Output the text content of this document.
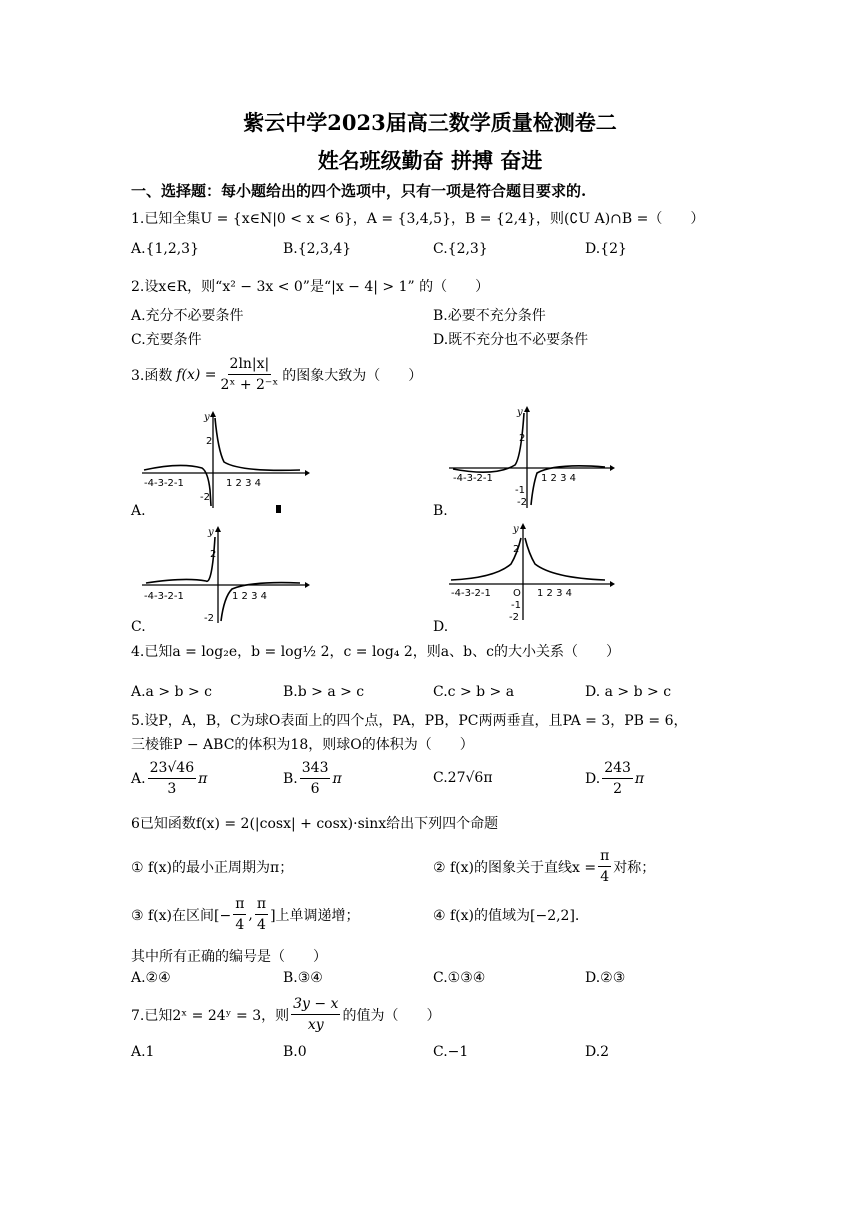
紫云中学2023届高三数学质量检测卷二
姓名班级勤奋 拼搏 奋进
一、选择题：每小题给出的四个选项中，只有一项是符合题目要求的.
1.已知全集U = {x∈N|0 < x < 6}，A = {3,4,5}，B = {2,4}，则(∁U A)∩B =（　　）
A.{1,2,3}	B.{2,3,4}	C.{2,3}	D.{2}
2.设x∈R，则“x² − 3x < 0”是“|x − 4| > 1” 的（　　）
A.充分不必要条件	B.必要不充分条件
C.充要条件	D.既不充分也不必要条件
3.函数 $f(x) = \frac{2\ln|x|}{\text{2ˣ + 2⁻ˣ}}$ 的图象大致为（　　）
-4-3-2-1	1 2 3 4
2
-2
y
A.
-4-3-2-1	1 2 3 4
2
-1
-2
y
B.
-4-3-2-1	1 2 3 4
2
-2
y
C.
-4-3-2-1	1 2 3 4
2
O
-1
-2
y
D.
4.已知a = log₂e，b = log½ 2，c = log₄ 2，则a、b、c的大小关系（　　）
A.a > b > c	B.b > a > c	C.c > b > a	D. a > b > c
5.设P，A，B，C为球O表面上的四个点，PA，PB，PC两两垂直，且PA = 3，PB = 6，
三棱锥P − ABC的体积为18，则球O的体积为（　　）
A. $\frac{23√46}{3}$ π	B. $\frac{343}{6}$ π	C.27√6π	D. $\frac{243}{2}$ π
6已知函数f(x) = 2(|cosx| + cosx)·sinx给出下列四个命题
① f(x)的最小正周期为π；	② f(x)的图象关于直线$x = \frac{\pi}{4}$ 对称；
③ f(x)在区间[− $\frac{\pi}{4}$ , $\frac{\pi}{4}$ ]上单调递增；	④ f(x)的值域为[−2,2].
其中所有正确的编号是（　　）
A.②④	B.③④	C.①③④	D.②③
7.已知2ˣ = 24ʸ = 3，则 $\frac{3y - x}{xy}$ 的值为（　　）
A.1	B.0	C.−1	D.2
